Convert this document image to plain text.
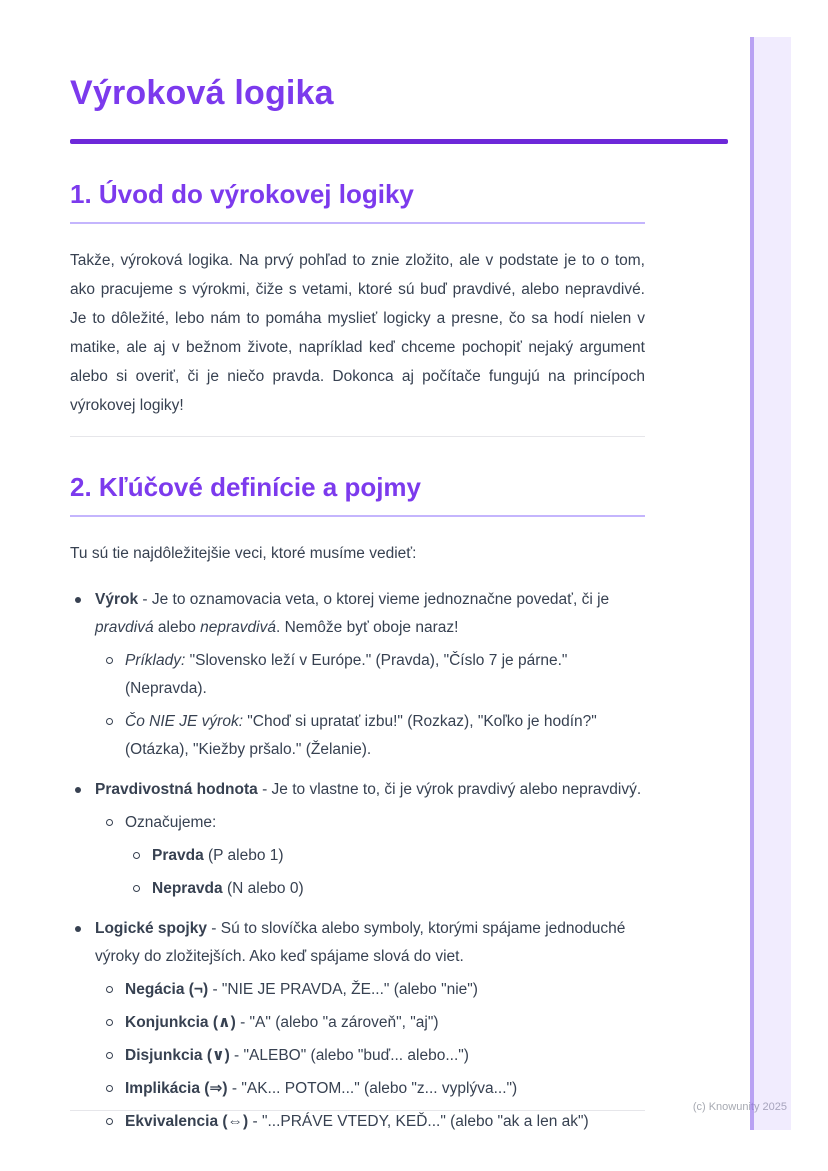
Výroková logika
1. Úvod do výrokovej logiky

Takže, výroková logika. Na prvý pohľad to znie zložito, ale v podstate je to o tom, ako pracujeme s výrokmi, čiže s vetami, ktoré sú buď pravdivé, alebo nepravdivé. Je to dôležité, lebo nám to pomáha myslieť logicky a presne, čo sa hodí nielen v matike, ale aj v bežnom živote, napríklad keď chceme pochopiť nejaký argument alebo si overiť, či je niečo pravda. Dokonca aj počítače fungujú na princípoch výrokovej logiky!

2. Kľúčové definície a pojmy

Tu sú tie najdôležitejšie veci, ktoré musíme vedieť:

Výrok - Je to oznamovacia veta, o ktorej vieme jednoznačne povedať, či je pravdivá alebo nepravdivá. Nemôže byť oboje naraz!
Príklady: "Slovensko leží v Európe." (Pravda), "Číslo 7 je párne." (Nepravda).
Čo NIE JE výrok: "Choď si upratať izbu!" (Rozkaz), "Koľko je hodín?" (Otázka), "Kiežby pršalo." (Želanie).
Pravdivostná hodnota - Je to vlastne to, či je výrok pravdivý alebo nepravdivý.
Označujeme:
Pravda (P alebo 1)
Nepravda (N alebo 0)
Logické spojky - Sú to slovíčka alebo symboly, ktorými spájame jednoduché výroky do zložitejších. Ako keď spájame slová do viet.
Negácia (¬) - "NIE JE PRAVDA, ŽE..." (alebo "nie")
Konjunkcia (∧) - "A" (alebo "a zároveň", "aj")
Disjunkcia (∨) - "ALEBO" (alebo "buď... alebo...")
Implikácia (⇒) - "AK... POTOM..." (alebo "z... vyplýva...")
Ekvivalencia (⇔) - "...PRÁVE VTEDY, KEĎ..." (alebo "ak a len ak")
(c) Knowunity 2025
